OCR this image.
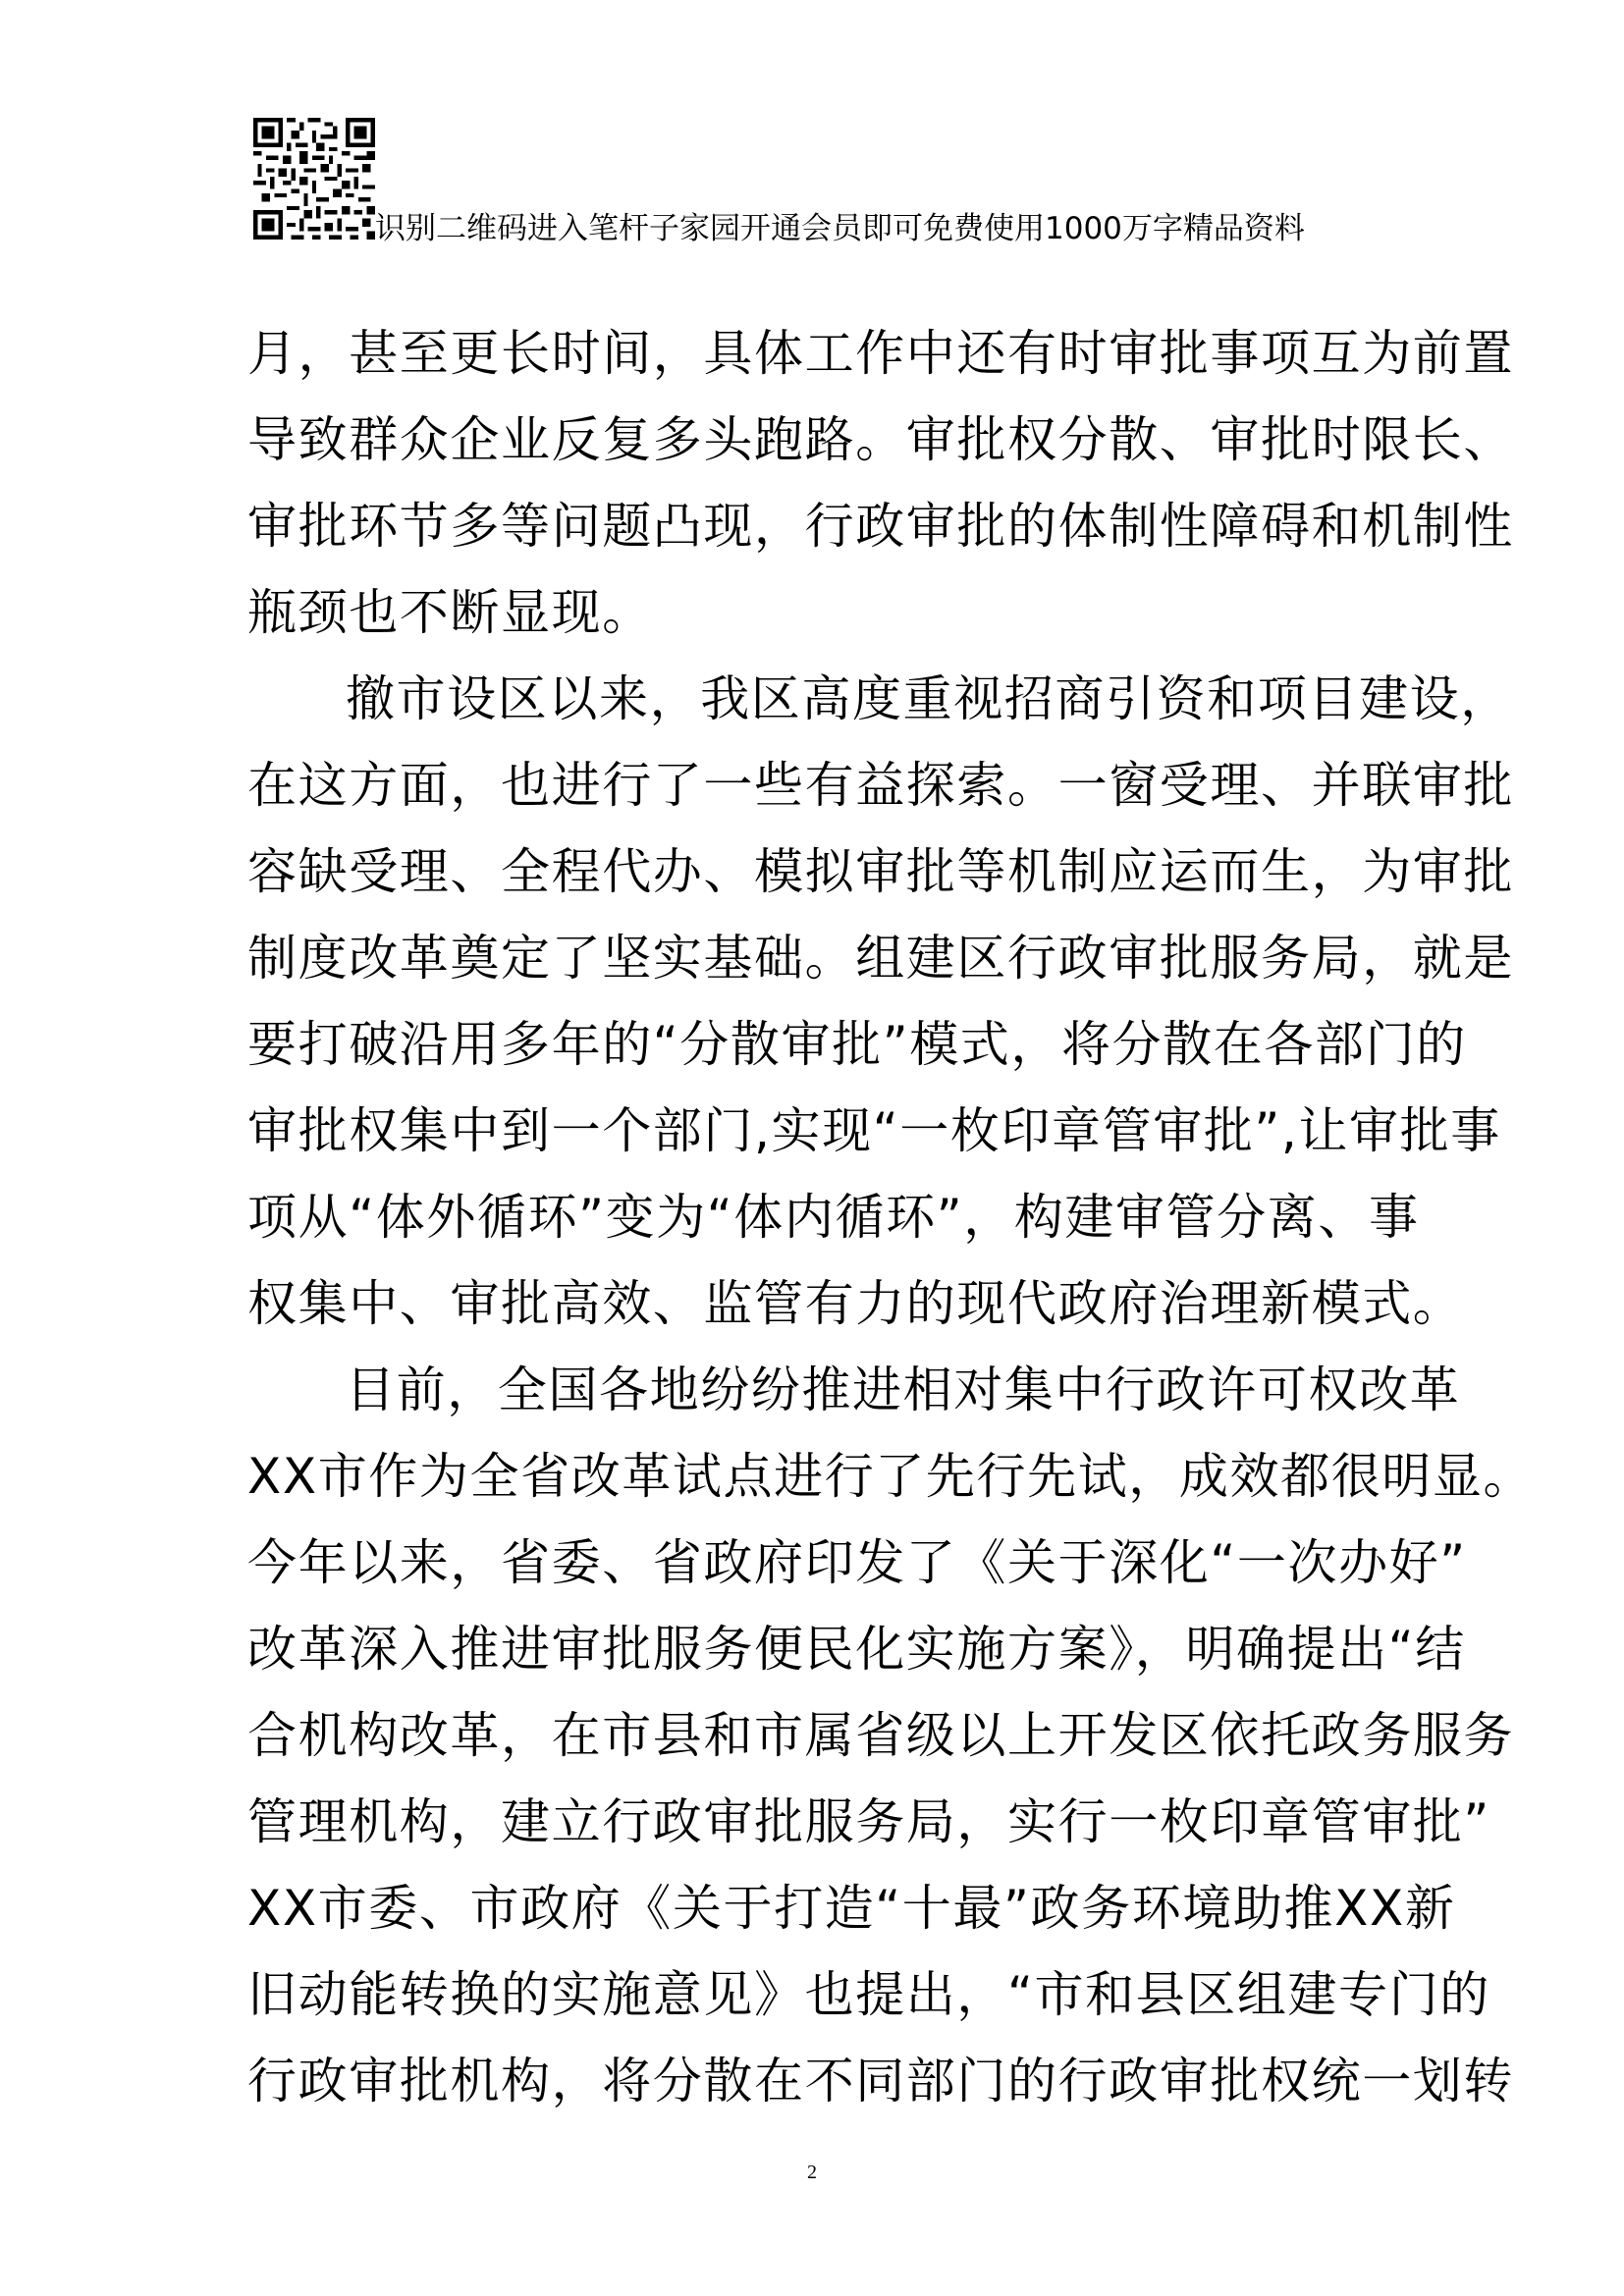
识别二维码进入笔杆子家园开通会员即可免费使用1000万字精品资料
月，甚至更长时间，具体工作中还有时审批事项互为前置
导致群众企业反复多头跑路。审批权分散、审批时限长、
审批环节多等问题凸现，行政审批的体制性障碍和机制性
瓶颈也不断显现。
撤市设区以来，我区高度重视招商引资和项目建设，
在这方面，也进行了一些有益探索。一窗受理、并联审批
容缺受理、全程代办、模拟审批等机制应运而生，为审批
制度改革奠定了坚实基础。组建区行政审批服务局，就是
要打破沿用多年的“分散审批”模式，将分散在各部门的
审批权集中到一个部门,实现“一枚印章管审批”,让审批事
项从“体外循环”变为“体内循环”，构建审管分离、事
权集中、审批高效、监管有力的现代政府治理新模式。
目前，全国各地纷纷推进相对集中行政许可权改革
XX市作为全省改革试点进行了先行先试，成效都很明显。
今年以来，省委、省政府印发了《关于深化“一次办好”
改革深入推进审批服务便民化实施方案》，明确提出“结
合机构改革，在市县和市属省级以上开发区依托政务服务
管理机构，建立行政审批服务局，实行一枚印章管审批”
XX市委、市政府《关于打造“十最”政务环境助推XX新
旧动能转换的实施意见》也提出，“市和县区组建专门的
行政审批机构，将分散在不同部门的行政审批权统一划转
2
